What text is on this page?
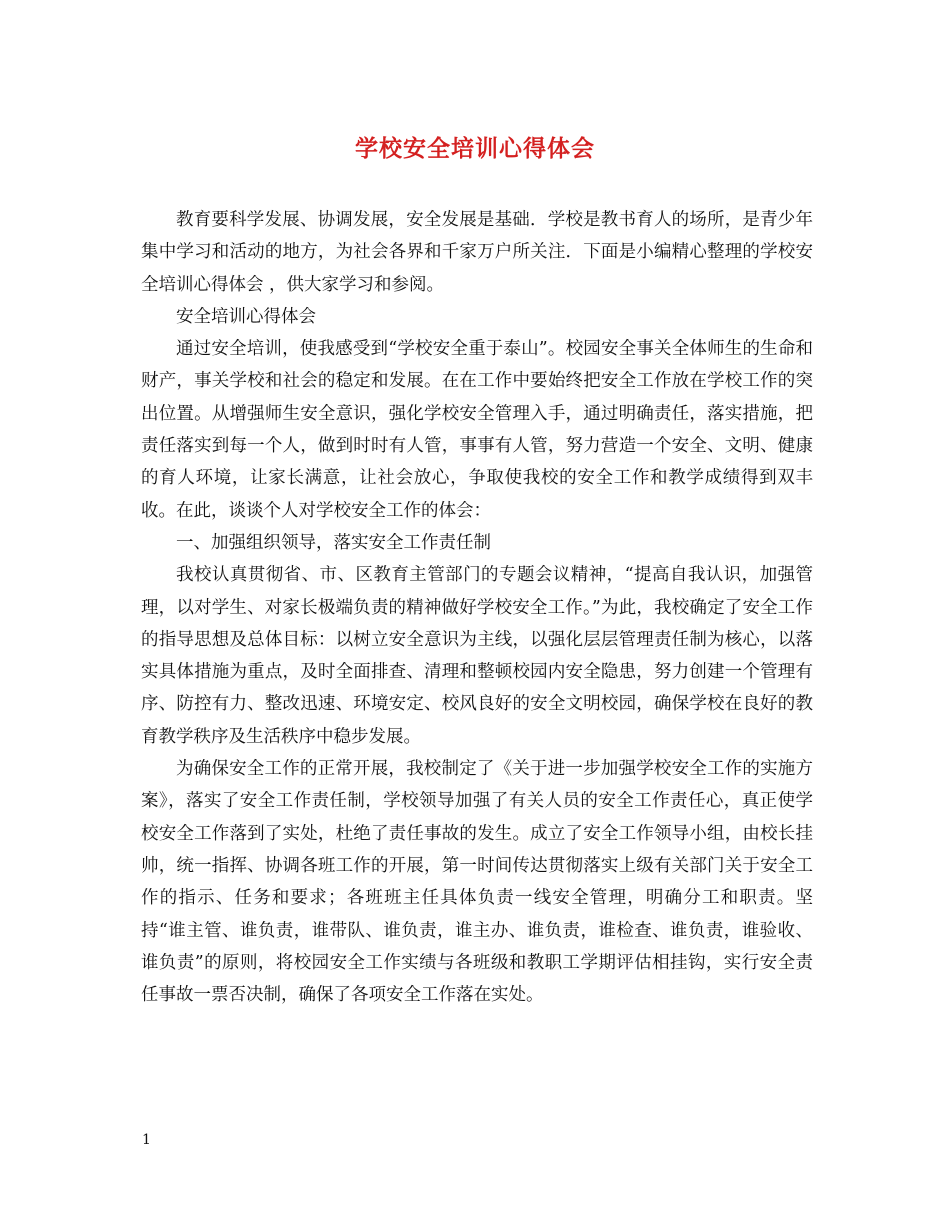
学校安全培训心得体会

教育要科学发展、协调发展，安全发展是基础．学校是教书育人的场所，是青少年集中学习和活动的地方，为社会各界和千家万户所关注．下面是小编精心整理的学校安全培训心得体会 ，供大家学习和参阅。

安全培训心得体会

通过安全培训，使我感受到“学校安全重于泰山”。校园安全事关全体师生的生命和财产，事关学校和社会的稳定和发展。在在工作中要始终把安全工作放在学校工作的突出位置。从增强师生安全意识，强化学校安全管理入手，通过明确责任，落实措施，把责任落实到每一个人，做到时时有人管，事事有人管，努力营造一个安全、文明、健康的育人环境，让家长满意，让社会放心，争取使我校的安全工作和教学成绩得到双丰收。在此，谈谈个人对学校安全工作的体会：

一、加强组织领导，落实安全工作责任制

我校认真贯彻省、市、区教育主管部门的专题会议精神，“提高自我认识，加强管理，以对学生、对家长极端负责的精神做好学校安全工作。”为此，我校确定了安全工作的指导思想及总体目标：以树立安全意识为主线，以强化层层管理责任制为核心，以落实具体措施为重点，及时全面排查、清理和整顿校园内安全隐患，努力创建一个管理有序、防控有力、整改迅速、环境安定、校风良好的安全文明校园，确保学校在良好的教育教学秩序及生活秩序中稳步发展。

为确保安全工作的正常开展，我校制定了《关于进一步加强学校安全工作的实施方案》，落实了安全工作责任制，学校领导加强了有关人员的安全工作责任心，真正使学校安全工作落到了实处，杜绝了责任事故的发生。成立了安全工作领导小组，由校长挂帅，统一指挥、协调各班工作的开展，第一时间传达贯彻落实上级有关部门关于安全工作的指示、任务和要求；各班班主任具体负责一线安全管理，明确分工和职责。坚持“谁主管、谁负责，谁带队、谁负责，谁主办、谁负责，谁检查、谁负责，谁验收、谁负责”的原则，将校园安全工作实绩与各班级和教职工学期评估相挂钩，实行安全责任事故一票否决制，确保了各项安全工作落在实处。

1
